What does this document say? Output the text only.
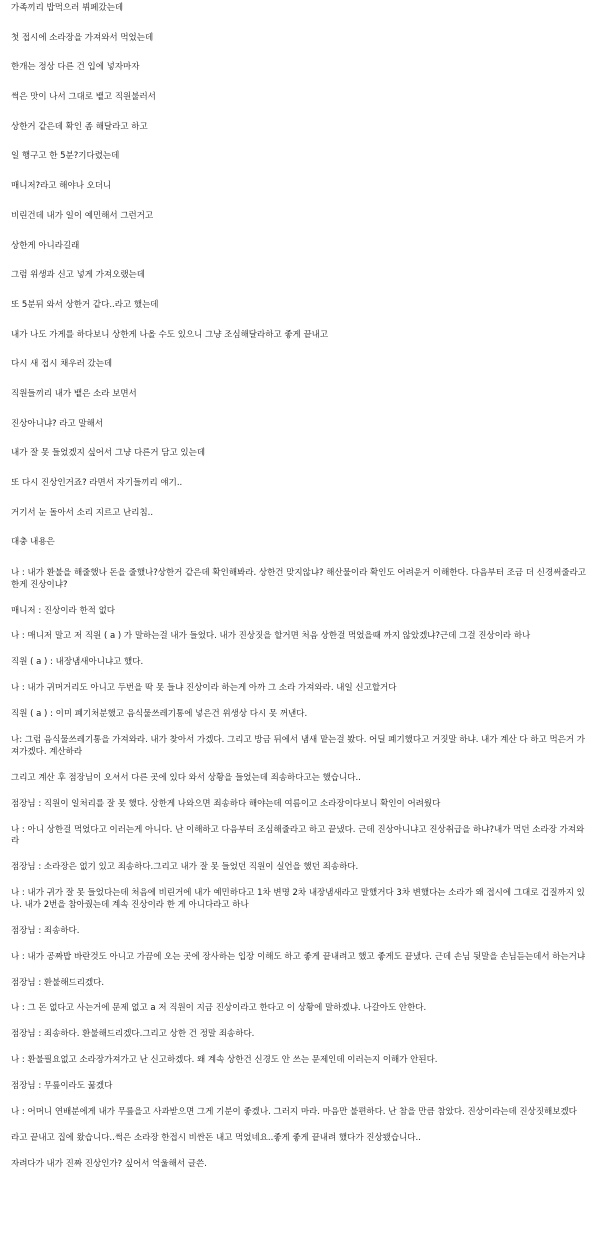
가족끼리 밥먹으러 뷔페갔는데
첫 접시에 소라장을 가져와서 먹었는데
한개는 정상 다른 건 입에 넣자마자
썩은 맛이 나서 그대로 뱉고 직원불러서
상한거 같은데 확인 좀 해달라고 하고
일 행구고 한 5분?기다렸는데
매니저?라고 해야나 오더니
비린건데 내가 일이 예민해서 그런거고
상한게 아니라길래
그럼 위생과 신고 넣게 가져오랬는데
또 5분뒤 와서 상한거 같다..라고 했는데
내가 나도 가게를 하다보니 상한게 나올 수도 있으니 그냥 조심해달라하고 좋게 끝내고
다시 새 접시 채우러 갔는데
직원들끼리 내가 뱉은 소라 보면서
진상아니냐? 라고 말해서
내가 잘 못 들었겠지 싶어서 그냥 다른거 담고 있는데
또 다시 진상인거죠? 라면서 자기들끼리 얘기..
거기서 눈 돌아서 소리 지르고 난리침..
대충 내용은
나 : 내가 환불을 해줄했나 돈을 줄했나?상한거 같은데 확인해봐라. 상한건 맞지않냐? 해산물이라 확인도 어려운거 이해한다. 다음부터 조금 더 신경써줄라고 한게 진상이냐?
매니저 : 진상이라 한적 없다
나 : 매니저 말고 저 직원 ( a ) 가 말하는걸 내가 들었다. 내가 진상짓을 할거면 처음 상한걸 먹었을때 까지 않았겠냐?근데 그걸 진상이라 하나
직원 ( a ) : 내장냄새아니냐고 했다.
나 : 내가 귀머거리도 아니고 두번을 딱 못 들냐 진상이라 하는게 아까 그 소라 가져와라. 내일 신고할거다
직원 ( a ) : 이미 폐기처분했고 음식물쓰레기통에 넣은건 위생상 다시 못 꺼낸다.
나: 그럼 음식물쓰레기통을 가져와라. 내가 찾아서 가겠다. 그리고 방금 뒤에서 냄새 맡는걸 봤다. 어딜 폐기했다고 거짓말 하냐. 내가 계산 다 하고 먹은거 가져가겠다. 계산하라
그리고 계산 후 점장님이 오셔서 다른 곳에 있다 와서 상황을 들었는데 죄송하다고는 했습니다..
점장님 : 직원이 일처리를 잘 못 했다. 상한게 나와으면 죄송하다 해야는데 여름이고 소라장이다보니 확인이 어려웠다
나 : 아니 상한걸 먹었다고 이러는게 아니다. 난 이해하고 다음부터 조심해줄라고 하고 끝냈다. 근데 진상아니냐고 진상취급을 하냐?내가 먹던 소라장 가져와라
점장님 : 소라장은 없기 있고 죄송하다.그리고 내가 잘 못 들었던 직원이 실언을 했던 죄송하다.
나 : 내가 귀가 잘 못 들었다는데 처음에 비린거에 내가 예민하다고 1차 변명 2차 내장냄새라고 말했거다 3차 변했다는 소라가 왜 접시에 그대로 겁질까지 있나. 내가 2번을 참아줬는데 계속 진상이라 한 게 아니다라고 하나
점장님 : 죄송하다.
나 : 내가 공짜밥 바란것도 아니고 가끔에 오는 곳에 장사하는 입장 이해도 하고 좋게 끝내려고 했고 좋게도 끝냈다. 근데 손님 뒷말을 손님듣는데서 하는거냐
점장님 : 환불해드리겠다.
나 : 그 돈 없다고 사는거에 문제 없고 a 저 직원이 지금 진상이라고 한다고 이 상황에 말하겠냐. 나갈아도 안한다.
점장님 : 죄송하다. 환불해드리겠다.그리고 상한 건 정말 죄송하다.
나 : 환불필요없고 소라장가져가고 난 신고하겠다. 왜 계속 상한건 신경도 안 쓰는 문제인데 이러는지 이해가 안된다.
점장님 : 무릎이라도 꿇겠다
나 : 어머니 연배분에게 내가 무릎을고 사과받으면 그게 기분이 좋겠나. 그러지 마라. 마음만 불편하다. 난 참을 만큼 참았다. 진상이라는데 진상짓해보겠다
라고 끝내고 집에 왔습니다..썩은 소라장 한접시 비싼돈 내고 먹었네요..좋게 좋게 끝내려 했다가 진상됐습니다..
자려다가 내가 진짜 진상인가? 싶어서 억울해서 글쓴.
